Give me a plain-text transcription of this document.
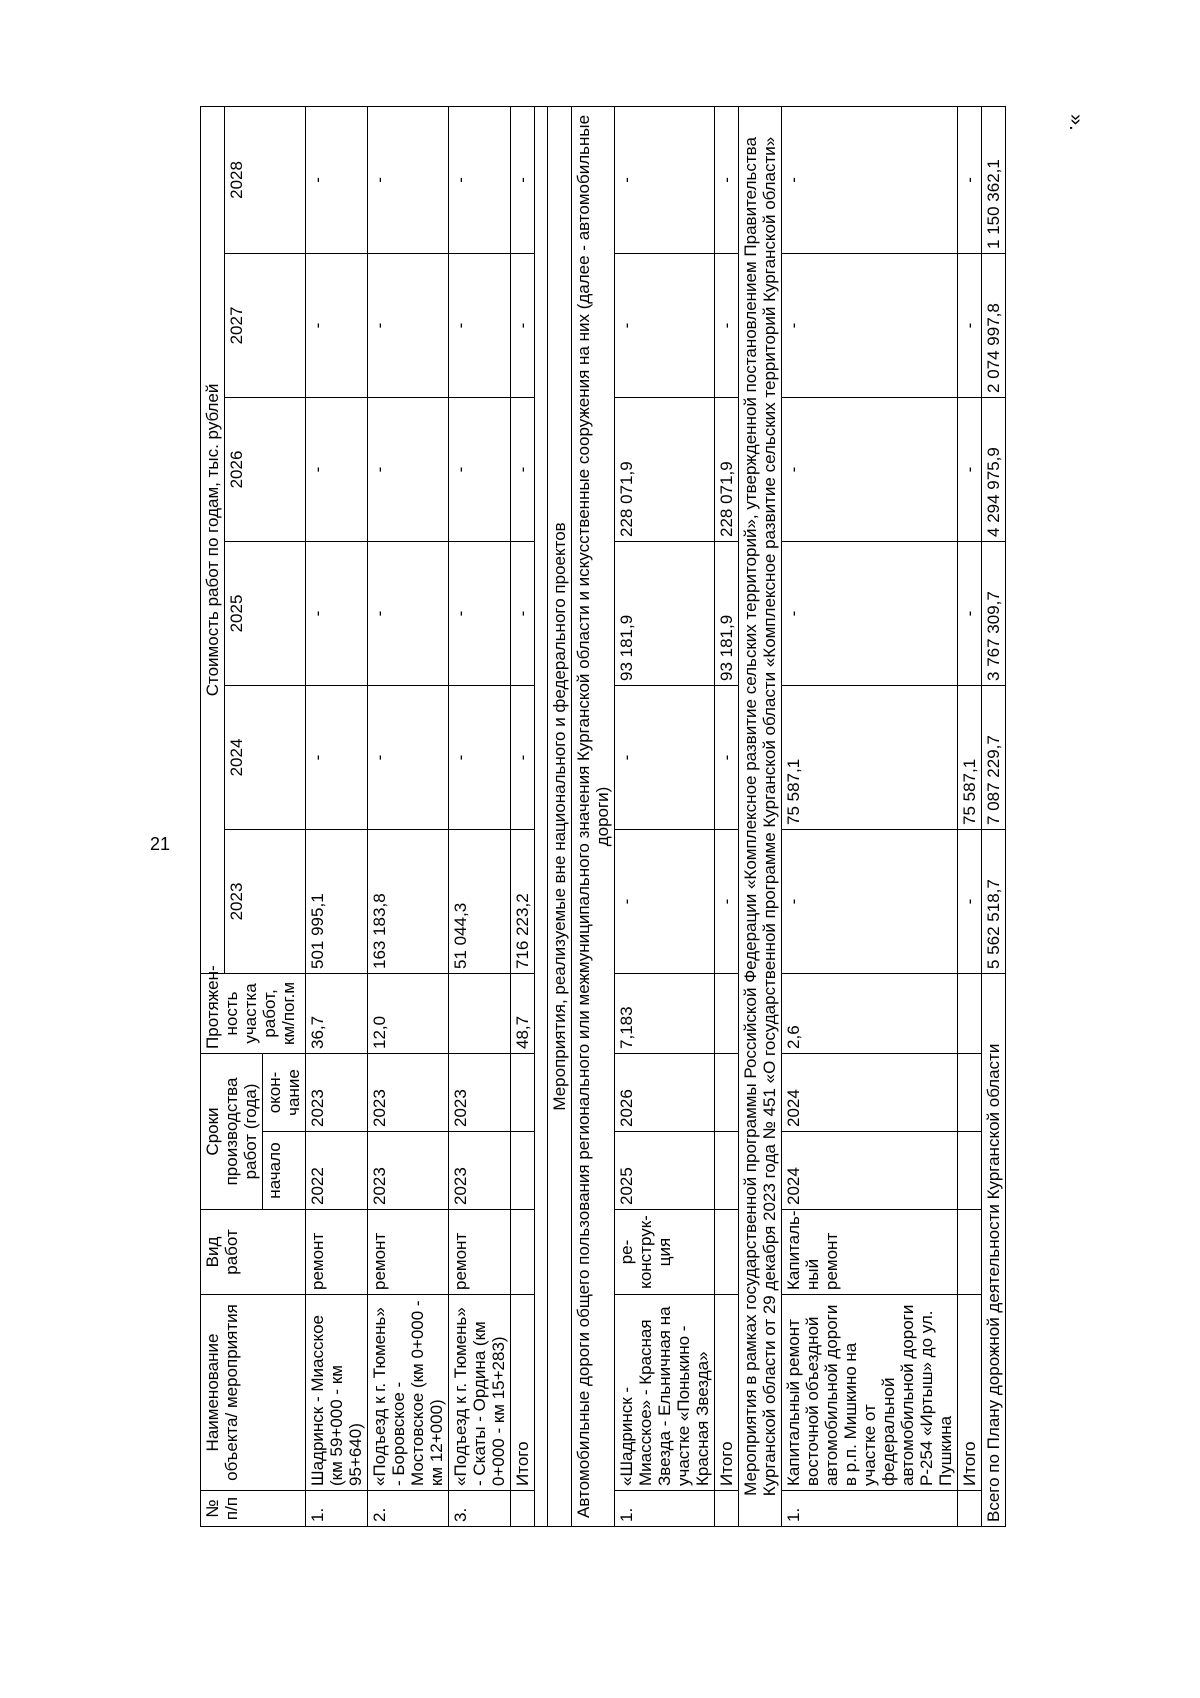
21
».
№ п/п	Наименование объекта/ мероприятия	Вид работ	Сроки производства работ (года)		Протяжен-ность участка работ, км/пог.м	Стоимость работ по годам, тыс. рублей					
						2023	2024	2025	2026	2027	2028
			начало	окон-чание							
1.	Шадринск - Миасское (км 59+000 - км 95+640)	ремонт	2022	2023	36,7	501 995,1	-	-	-	-	-
2.	«Подъезд к г. Тюмень» - Боровское - Мостовское (км 0+000 - км 12+000)	ремонт	2023	2023	12,0	163 183,8	-	-	-	-	-
3.	«Подъезд к г. Тюмень» - Скаты - Ордина (км 0+000 - км 15+283)	ремонт	2023	2023		51 044,3	-	-	-	-	-
	Итого				48,7	716 223,2	-	-	-	-	-

Мероприятия, реализуемые вне национального и федерального проектов											
Автомобильные дороги общего пользования регионального или межмуниципального значения Курганской области и искусственные сооружения на них (далее - автомобильные дороги)											
1.	«Шадринск - Миасское» - Красная Звезда - Ельничная на участке «Понькино - Красная Звезда»	ре-конструк-ция	2025	2026	7,183	-	-	93 181,9	228 071,9	-	-
	Итого					-	-	93 181,9	228 071,9	-	-
Мероприятия в рамках государственной программы Российской Федерации «Комплексное развитие сельских территорий», утвержденной постановлением Правительства Курганской области от 29 декабря 2023 года № 451 «О государственной программе Курганской области «Комплексное развитие сельских территорий Курганской области»											
1.	Капитальный ремонт восточной объездной автомобильной дороги в р.п. Мишкино на участке от федеральной автомобильной дороги Р-254 «Иртыш» до ул. Пушкина	Капиталь-ный ремонт	2024	2024	2,6	-	75 587,1	-	-	-	-
	Итого					-	75 587,1	-	-	-	-
Всего по Плану дорожной деятельности Курганской области						5 562 518,7	7 087 229,7	3 767 309,7	4 294 975,9	2 074 997,8	1 150 362,1
